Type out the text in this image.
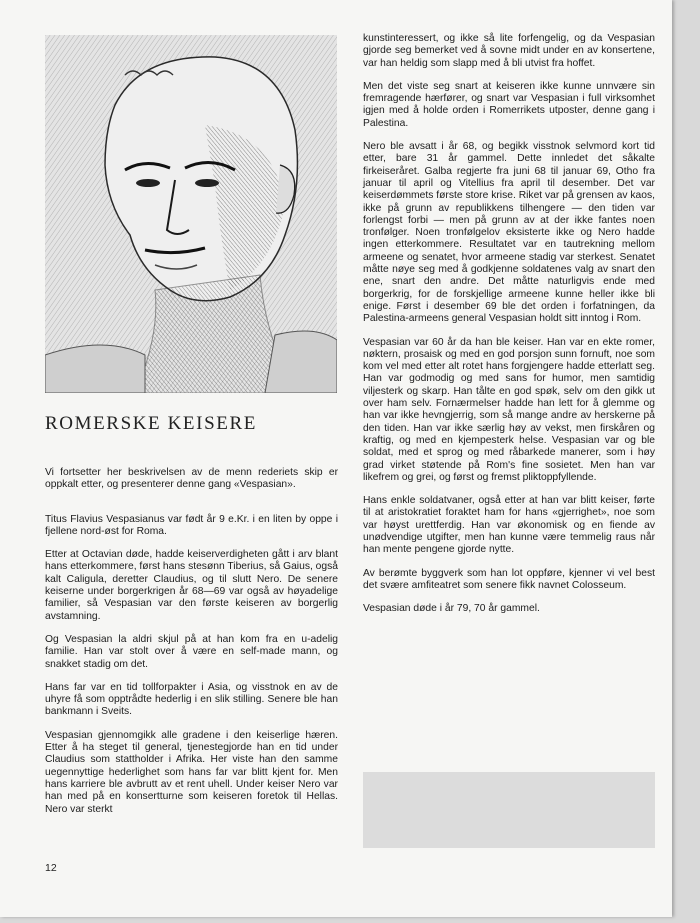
ROMERSKE KEISERE

Vi fortsetter her beskrivelsen av de menn rederiets skip er oppkalt etter, og presenterer denne gang «Vespasian».

Titus Flavius Vespasianus var født år 9 e.Kr. i en liten by oppe i fjellene nord-øst for Roma.

Etter at Octavian døde, hadde keiserverdigheten gått i arv blant hans etterkommere, først hans stesønn Tiberius, så Gaius, også kalt Caligula, deretter Claudius, og til slutt Nero. De senere keiserne under borgerkrigen år 68—69 var også av høyadelige familier, så Vespasian var den første keiseren av borgerlig avstamning.

Og Vespasian la aldri skjul på at han kom fra en u-adelig familie. Han var stolt over å være en self-made mann, og snakket stadig om det.

Hans far var en tid tollforpakter i Asia, og visstnok en av de uhyre få som opptrådte hederlig i en slik stilling. Senere ble han bankmann i Sveits.

Vespasian gjennomgikk alle gradene i den keiserlige hæren. Etter å ha steget til general, tjenestegjorde han en tid under Claudius som stattholder i Afrika. Her viste han den samme uegennyttige hederlighet som hans far var blitt kjent for. Men hans karriere ble avbrutt av et rent uhell. Under keiser Nero var han med på en konsertturne som keiseren foretok til Hellas. Nero var sterkt

kunstinteressert, og ikke så lite forfengelig, og da Vespasian gjorde seg bemerket ved å sovne midt under en av konsertene, var han heldig som slapp med å bli utvist fra hoffet.

Men det viste seg snart at keiseren ikke kunne unnvære sin fremragende hærfører, og snart var Vespasian i full virksomhet igjen med å holde orden i Romerrikets utposter, denne gang i Palestina.

Nero ble avsatt i år 68, og begikk visstnok selvmord kort tid etter, bare 31 år gammel. Dette innledet det såkalte firkeiseråret. Galba regjerte fra juni 68 til januar 69, Otho fra januar til april og Vitellius fra april til desember. Det var keiserdømmets første store krise. Riket var på grensen av kaos, ikke på grunn av republikkens tilhengere — den tiden var forlengst forbi — men på grunn av at der ikke fantes noen tronfølger. Noen tronfølgelov eksisterte ikke og Nero hadde ingen etterkommere. Resultatet var en tautrekning mellom armeene og senatet, hvor armeene stadig var sterkest. Senatet måtte nøye seg med å godkjenne soldatenes valg av snart den ene, snart den andre. Det måtte naturligvis ende med borgerkrig, for de forskjellige armeene kunne heller ikke bli enige. Først i desember 69 ble det orden i forfatningen, da Palestina-armeens general Vespasian holdt sitt inntog i Rom.

Vespasian var 60 år da han ble keiser. Han var en ekte romer, nøktern, prosaisk og med en god porsjon sunn fornuft, noe som kom vel med etter alt rotet hans forgjengere hadde etterlatt seg. Han var godmodig og med sans for humor, men samtidig viljesterk og skarp. Han tålte en god spøk, selv om den gikk ut over ham selv. Fornærmelser hadde han lett for å glemme og han var ikke hevngjerrig, som så mange andre av herskerne på den tiden. Han var ikke særlig høy av vekst, men firskåren og kraftig, og med en kjempesterk helse. Vespasian var og ble soldat, med et sprog og med råbarkede manerer, som i høy grad virket støtende på Rom's fine sosietet. Men han var likefrem og grei, og først og fremst pliktoppfyllende.

Hans enkle soldatvaner, også etter at han var blitt keiser, førte til at aristokratiet foraktet ham for hans «gjerrighet», noe som var høyst urettferdig. Han var økonomisk og en fiende av unødvendige utgifter, men han kunne være temmelig raus når han mente pengene gjorde nytte.

Av berømte byggverk som han lot oppføre, kjenner vi vel best det svære amfiteatret som senere fikk navnet Colosseum.

Vespasian døde i år 79, 70 år gammel.

12
